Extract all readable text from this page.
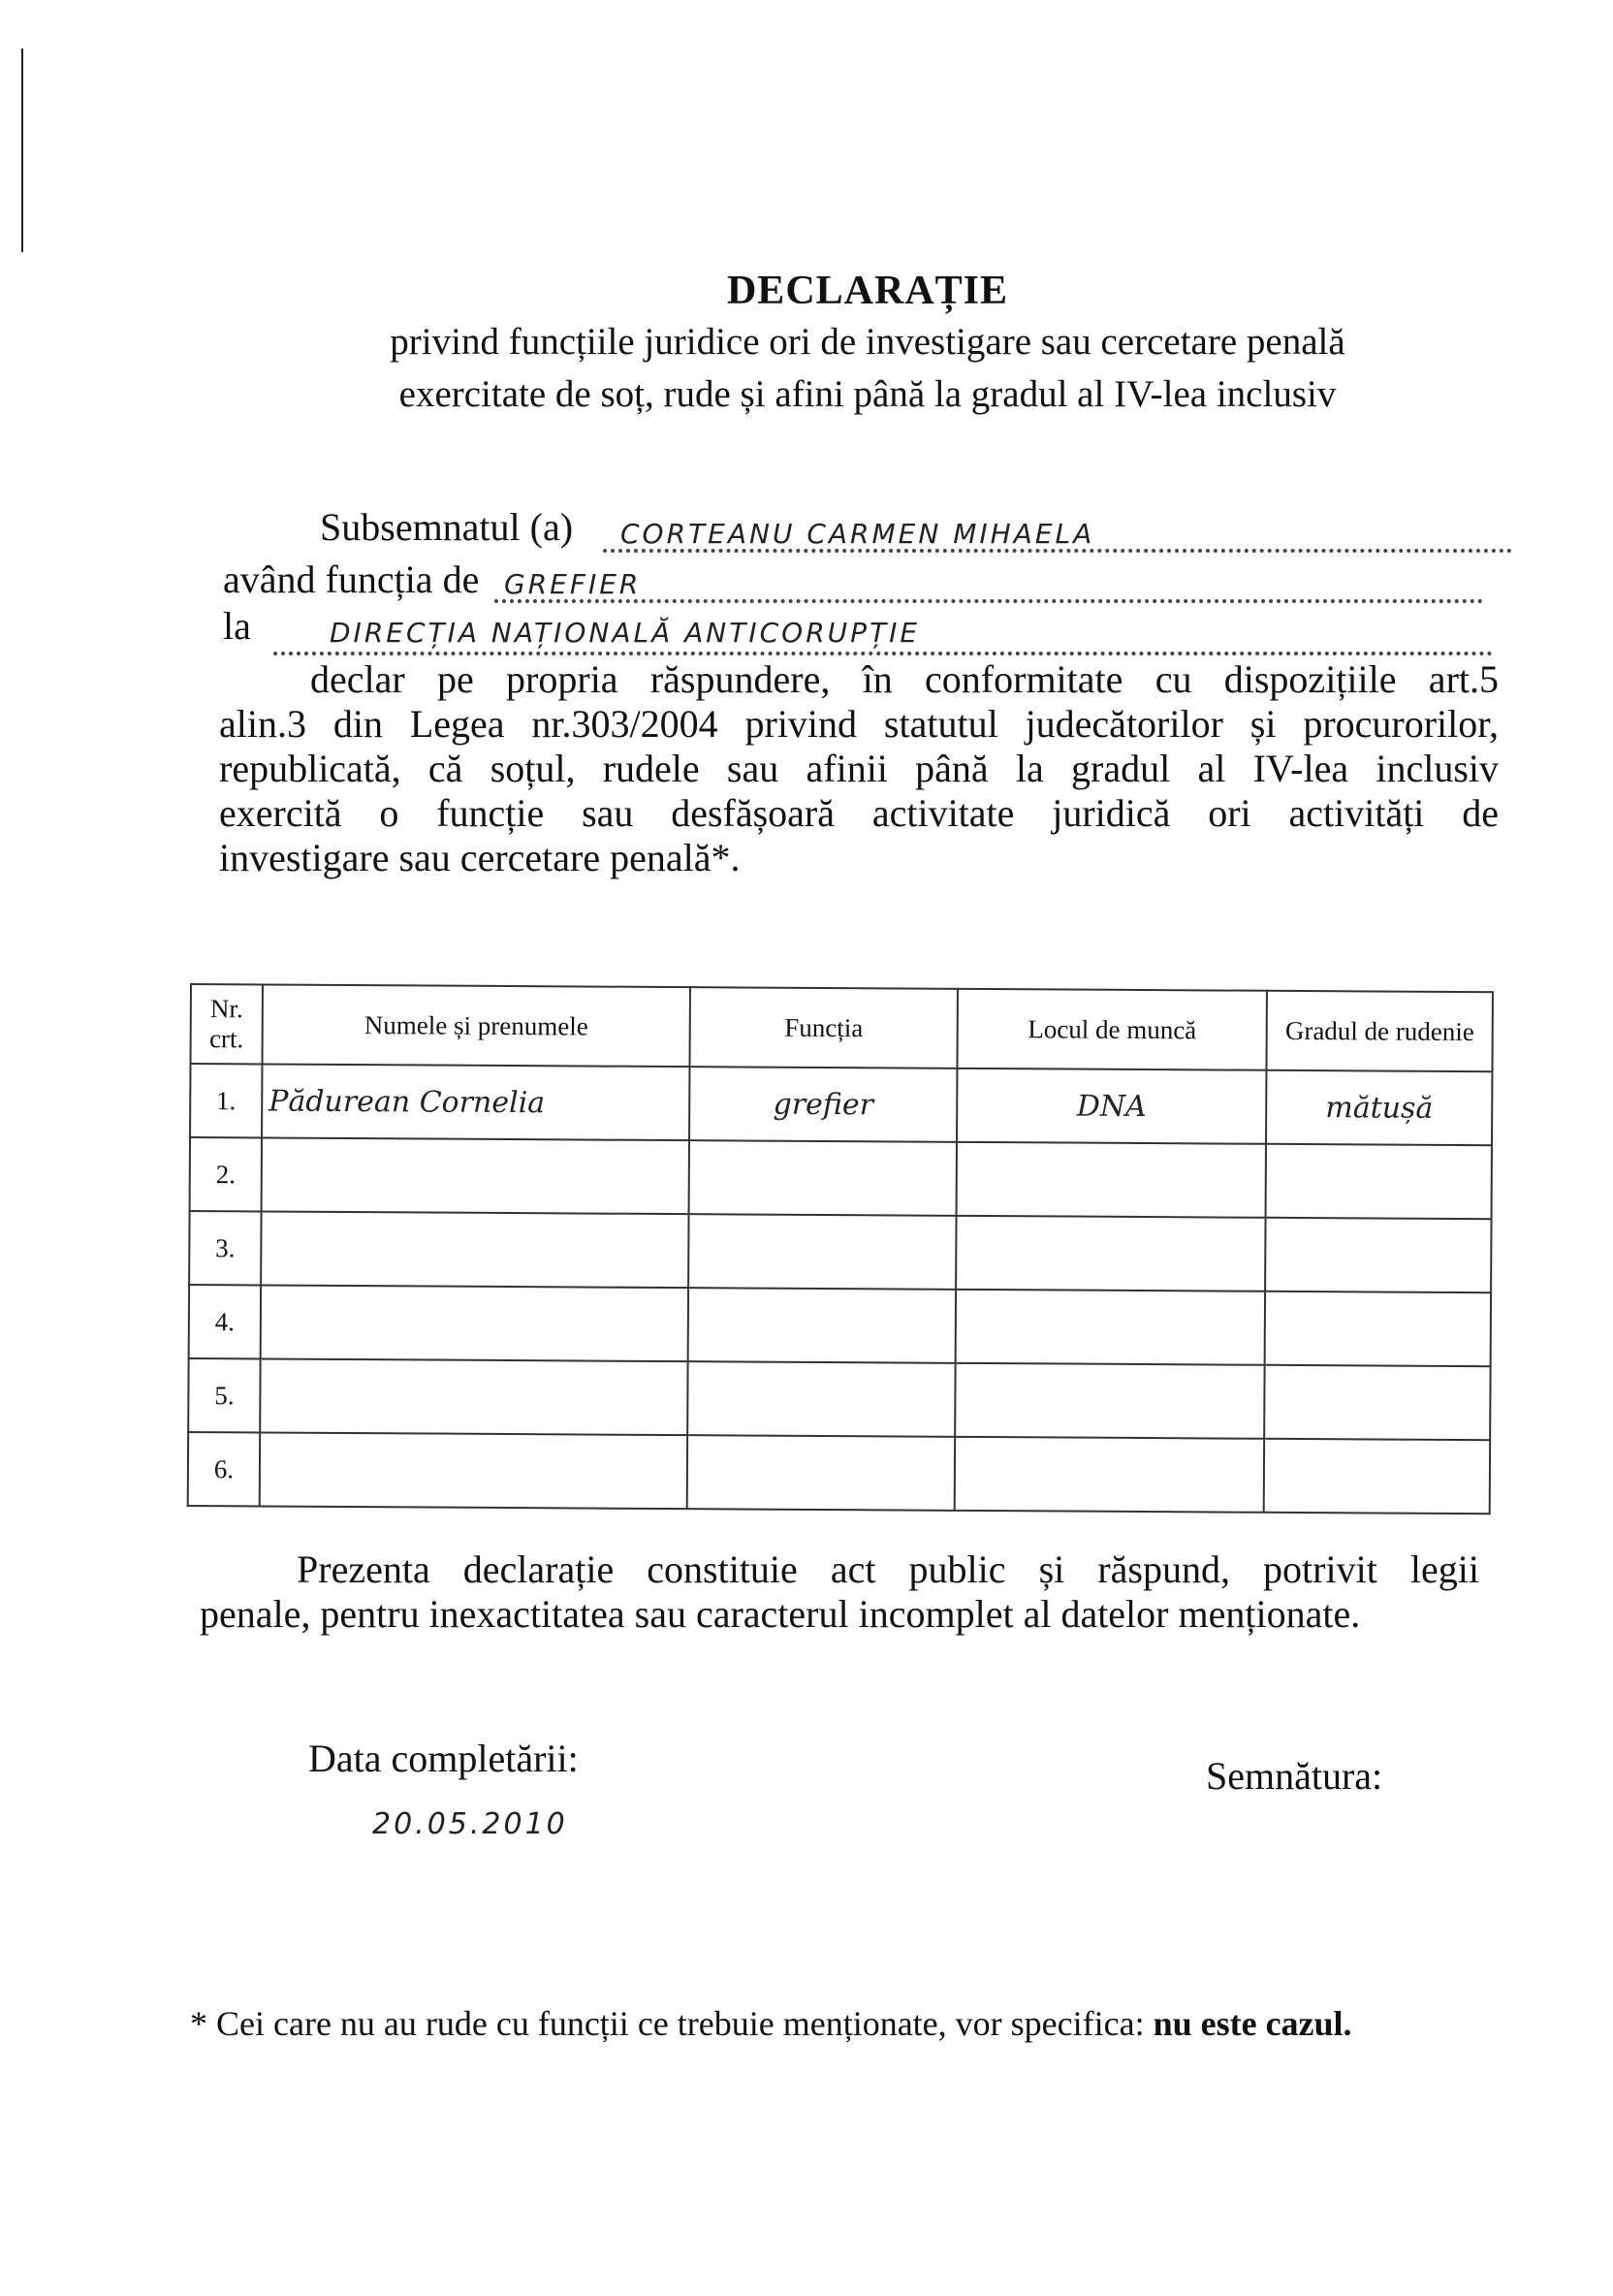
DECLARAȚIE
privind funcțiile juridice ori de investigare sau cercetare penală
exercitate de soț, rude și afini până la gradul al IV-lea inclusiv
Subsemnatul (a) CORTEANU CARMEN MIHAELA
având funcția de GREFIER
la	DIRECȚIA NAȚIONALĂ ANTICORUPȚIE
declar pe propria răspundere, în conformitate cu dispozițiile art.5
alin.3 din Legea nr.303/2004 privind statutul judecătorilor și procurorilor,
republicată, că soțul, rudele sau afinii până la gradul al IV-lea inclusiv
exercită o funcție sau desfășoară activitate juridică ori activități de
investigare sau cercetare penală*.
Nr. crt.	Numele și prenumele	Funcția	Locul de muncă	Gradul de rudenie
1.	Pădurean Cornelia	grefier	DNA	mătușă
2.				
3.				
4.				
5.				
6.				
Prezenta declarație constituie act public și răspund, potrivit legii
penale, pentru inexactitatea sau caracterul incomplet al datelor menționate.
Data completării:
20.05.2010
Semnătura:
* Cei care nu au rude cu funcții ce trebuie menționate, vor specifica: nu este cazul.
